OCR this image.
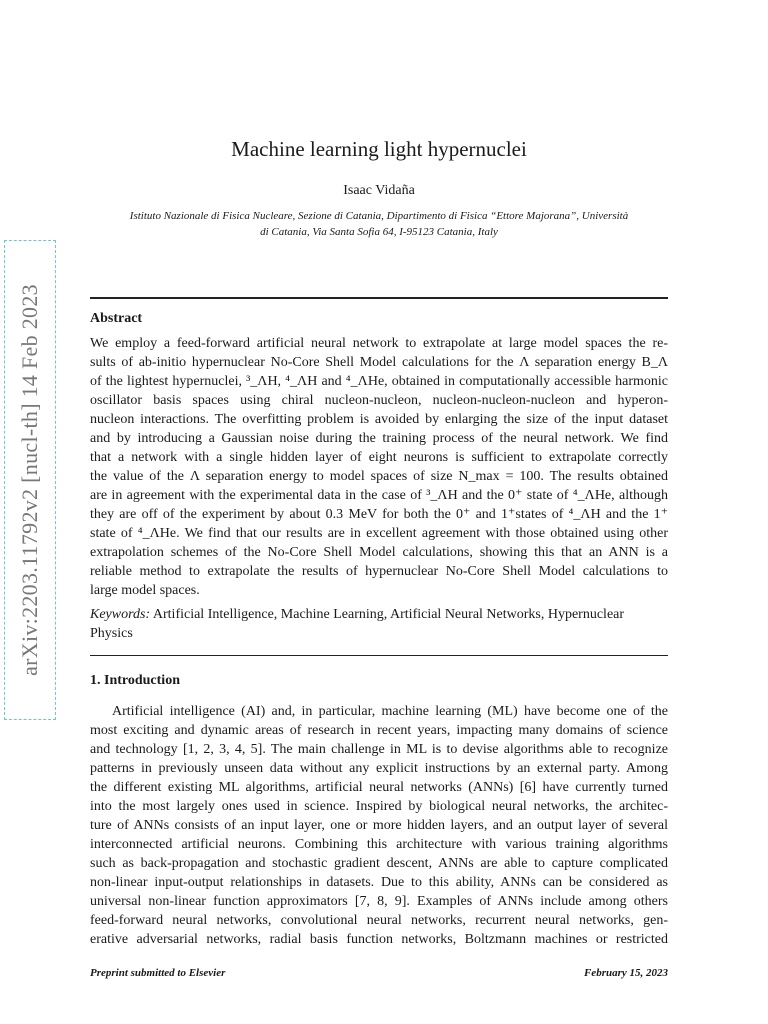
arXiv:2203.11792v2 [nucl-th] 14 Feb 2023
Machine learning light hypernuclei
Isaac Vidaña
Istituto Nazionale di Fisica Nucleare, Sezione di Catania, Dipartimento di Fisica “Ettore Majorana”, Università
di Catania, Via Santa Sofia 64, I-95123 Catania, Italy
Abstract
We employ a feed-forward artificial neural network to extrapolate at large model spaces the re-
sults of ab-initio hypernuclear No-Core Shell Model calculations for the Λ separation energy B_Λ
of the lightest hypernuclei, ³_ΛH, ⁴_ΛH and ⁴_ΛHe, obtained in computationally accessible harmonic
oscillator basis spaces using chiral nucleon-nucleon, nucleon-nucleon-nucleon and hyperon-
nucleon interactions. The overfitting problem is avoided by enlarging the size of the input dataset
and by introducing a Gaussian noise during the training process of the neural network. We find
that a network with a single hidden layer of eight neurons is sufficient to extrapolate correctly
the value of the Λ separation energy to model spaces of size N_max = 100. The results obtained
are in agreement with the experimental data in the case of ³_ΛH and the 0⁺ state of ⁴_ΛHe, although
they are off of the experiment by about 0.3 MeV for both the 0⁺ and 1⁺states of ⁴_ΛH and the 1⁺
state of ⁴_ΛHe. We find that our results are in excellent agreement with those obtained using other
extrapolation schemes of the No-Core Shell Model calculations, showing this that an ANN is a
reliable method to extrapolate the results of hypernuclear No-Core Shell Model calculations to
large model spaces.
Keywords: Artificial Intelligence, Machine Learning, Artificial Neural Networks, Hypernuclear Physics
1. Introduction
Artificial intelligence (AI) and, in particular, machine learning (ML) have become one of the
most exciting and dynamic areas of research in recent years, impacting many domains of science
and technology [1, 2, 3, 4, 5]. The main challenge in ML is to devise algorithms able to recognize
patterns in previously unseen data without any explicit instructions by an external party. Among
the different existing ML algorithms, artificial neural networks (ANNs) [6] have currently turned
into the most largely ones used in science. Inspired by biological neural networks, the architec-
ture of ANNs consists of an input layer, one or more hidden layers, and an output layer of several
interconnected artificial neurons. Combining this architecture with various training algorithms
such as back-propagation and stochastic gradient descent, ANNs are able to capture complicated
non-linear input-output relationships in datasets. Due to this ability, ANNs can be considered as
universal non-linear function approximators [7, 8, 9]. Examples of ANNs include among others
feed-forward neural networks, convolutional neural networks, recurrent neural networks, gen-
erative adversarial networks, radial basis function networks, Boltzmann machines or restricted
Preprint submitted to Elsevier	February 15, 2023
